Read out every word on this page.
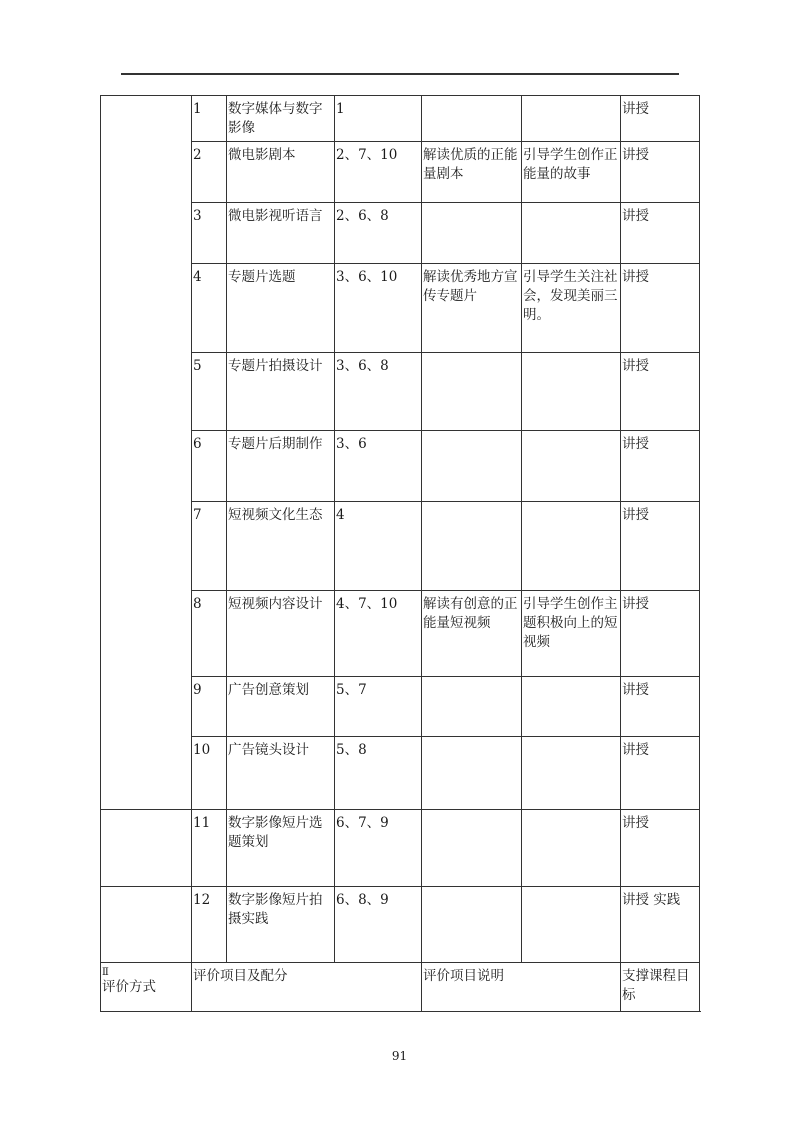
	1	数字媒体与数字影像	1			讲授
	2	微电影剧本	2、7、10	解读优质的正能量剧本	引导学生创作正能量的故事	讲授
	3	微电影视听语言	2、6、8			讲授
	4	专题片选题	3、6、10	解读优秀地方宣传专题片	引导学生关注社会，发现美丽三明。	讲授
	5	专题片拍摄设计	3、6、8			讲授
	6	专题片后期制作	3、6			讲授
	7	短视频文化生态	4			讲授
	8	短视频内容设计	4、7、10	解读有创意的正能量短视频	引导学生创作主题积极向上的短视频	讲授
	9	广告创意策划	5、7			讲授
	10	广告镜头设计	5、8			讲授
	11	数字影像短片选题策划	6、7、9			讲授
	12	数字影像短片拍摄实践	6、8、9			讲授 实践

Ⅱ
评价方式	评价项目及配分			评价项目说明		支撑课程目标
91
